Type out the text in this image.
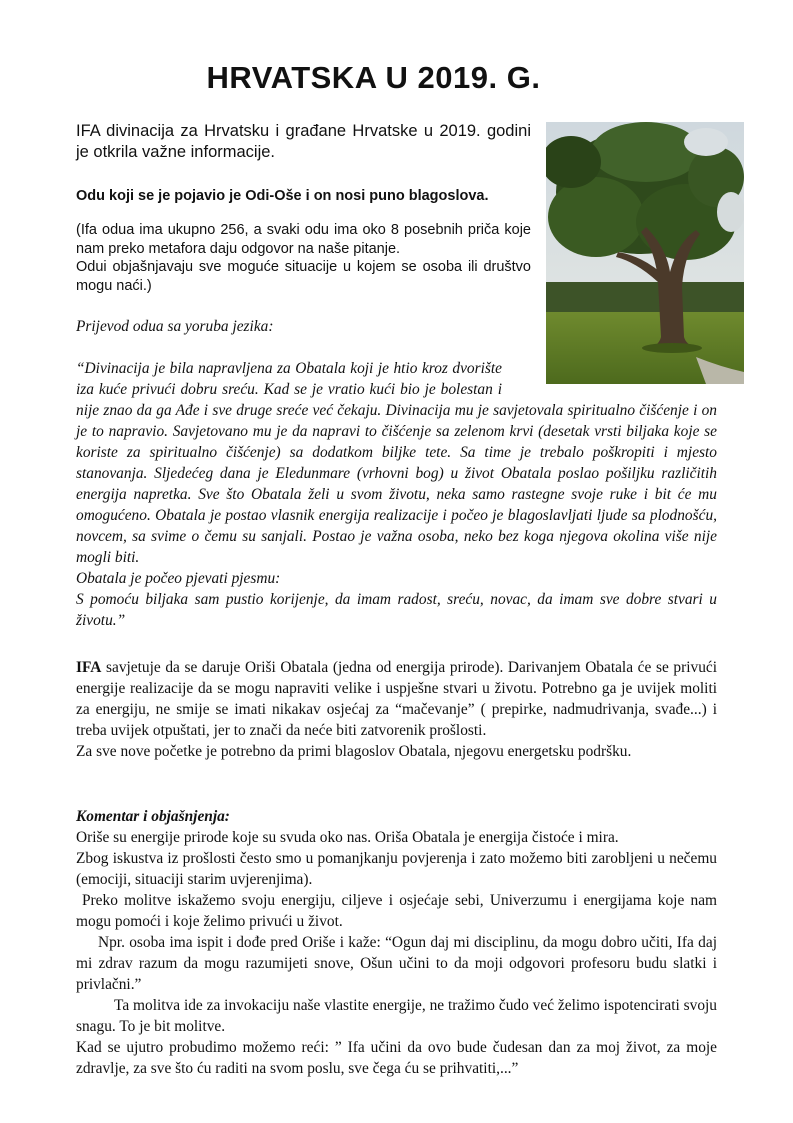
HRVATSKA U 2019. G.
IFA divinacija za Hrvatsku i građane Hrvatske u 2019. godini je otkrila važne informacije.
Odu koji se je pojavio je Odi-Oše i on nosi puno blagoslova.
(Ifa odua ima ukupno 256, a svaki odu ima oko 8 posebnih priča koje nam preko metafora daju odgovor na naše pitanje.
Odui objašnjavaju sve moguće situacije u kojem se osoba ili društvo mogu naći.)
Prijevod odua sa yoruba jezika:

“Divinacija je bila napravljena za Obatala koji je htio kroz dvorište iza kuće privući dobru sreću. Kad se je vratio kući bio je bolestan i nije znao da ga Ađe i sve druge sreće već čekaju. Divinacija mu je savjetovala spiritualno čišćenje i on je to napravio. Savjetovano mu je da napravi to čišćenje sa zelenom krvi (desetak vrsti biljaka koje se koriste za spiritualno čišćenje) sa dodatkom biljke tete. Sa time je trebalo poškropiti i mjesto stanovanja. Sljedećeg dana je Eledunmare (vrhovni bog) u život Obatala poslao pošiljku različitih energija napretka. Sve što Obatala želi u svom životu, neka samo rastegne svoje ruke i bit će mu omogućeno. Obatala je postao vlasnik energija realizacije i počeo je blagoslavljati ljude sa plodnošću, novcem, sa svime o čemu su sanjali. Postao je važna osoba, neko bez koga njegova okolina više nije mogli biti.

Obatala je počeo pjevati pjesmu:

S pomoću biljaka sam pustio korijenje, da imam radost, sreću, novac, da imam sve dobre stvari u životu.”

IFA savjetuje da se daruje Oriši Obatala (jedna od energija prirode). Darivanjem Obatala će se privući energije realizacije da se mogu napraviti velike i uspješne stvari u životu. Potrebno ga je uvijek moliti za energiju, ne smije se imati nikakav osjećaj za “mačevanje” ( prepirke, nadmudrivanja, svađe...) i treba uvijek otpuštati, jer to znači da neće biti zatvorenik prošlosti.

Za sve nove početke je potrebno da primi blagoslov Obatala, njegovu energetsku podršku.

Komentar i objašnjenja:

Oriše su energije prirode koje su svuda oko nas. Oriša Obatala je energija čistoće i mira.

Zbog iskustva iz prošlosti često smo u pomanjkanju povjerenja i zato možemo biti zarobljeni u nečemu (emociji, situaciji starim uvjerenjima).

Preko molitve iskažemo svoju energiju, ciljeve i osjećaje sebi, Univerzumu i energijama koje nam mogu pomoći i koje želimo privući u život.

Npr. osoba ima ispit i dođe pred Oriše i kaže: “Ogun daj mi disciplinu, da mogu dobro učiti, Ifa daj mi zdrav razum da mogu razumijeti snove, Ošun učini to da moji odgovori profesoru budu slatki i privlačni.”

Ta molitva ide za invokaciju naše vlastite energije, ne tražimo čudo već želimo ispotencirati svoju snagu. To je bit molitve.

Kad se ujutro probudimo možemo reći: ” Ifa učini da ovo bude čudesan dan za moj život, za moje zdravlje, za sve što ću raditi na svom poslu, sve čega ću se prihvatiti,...”
